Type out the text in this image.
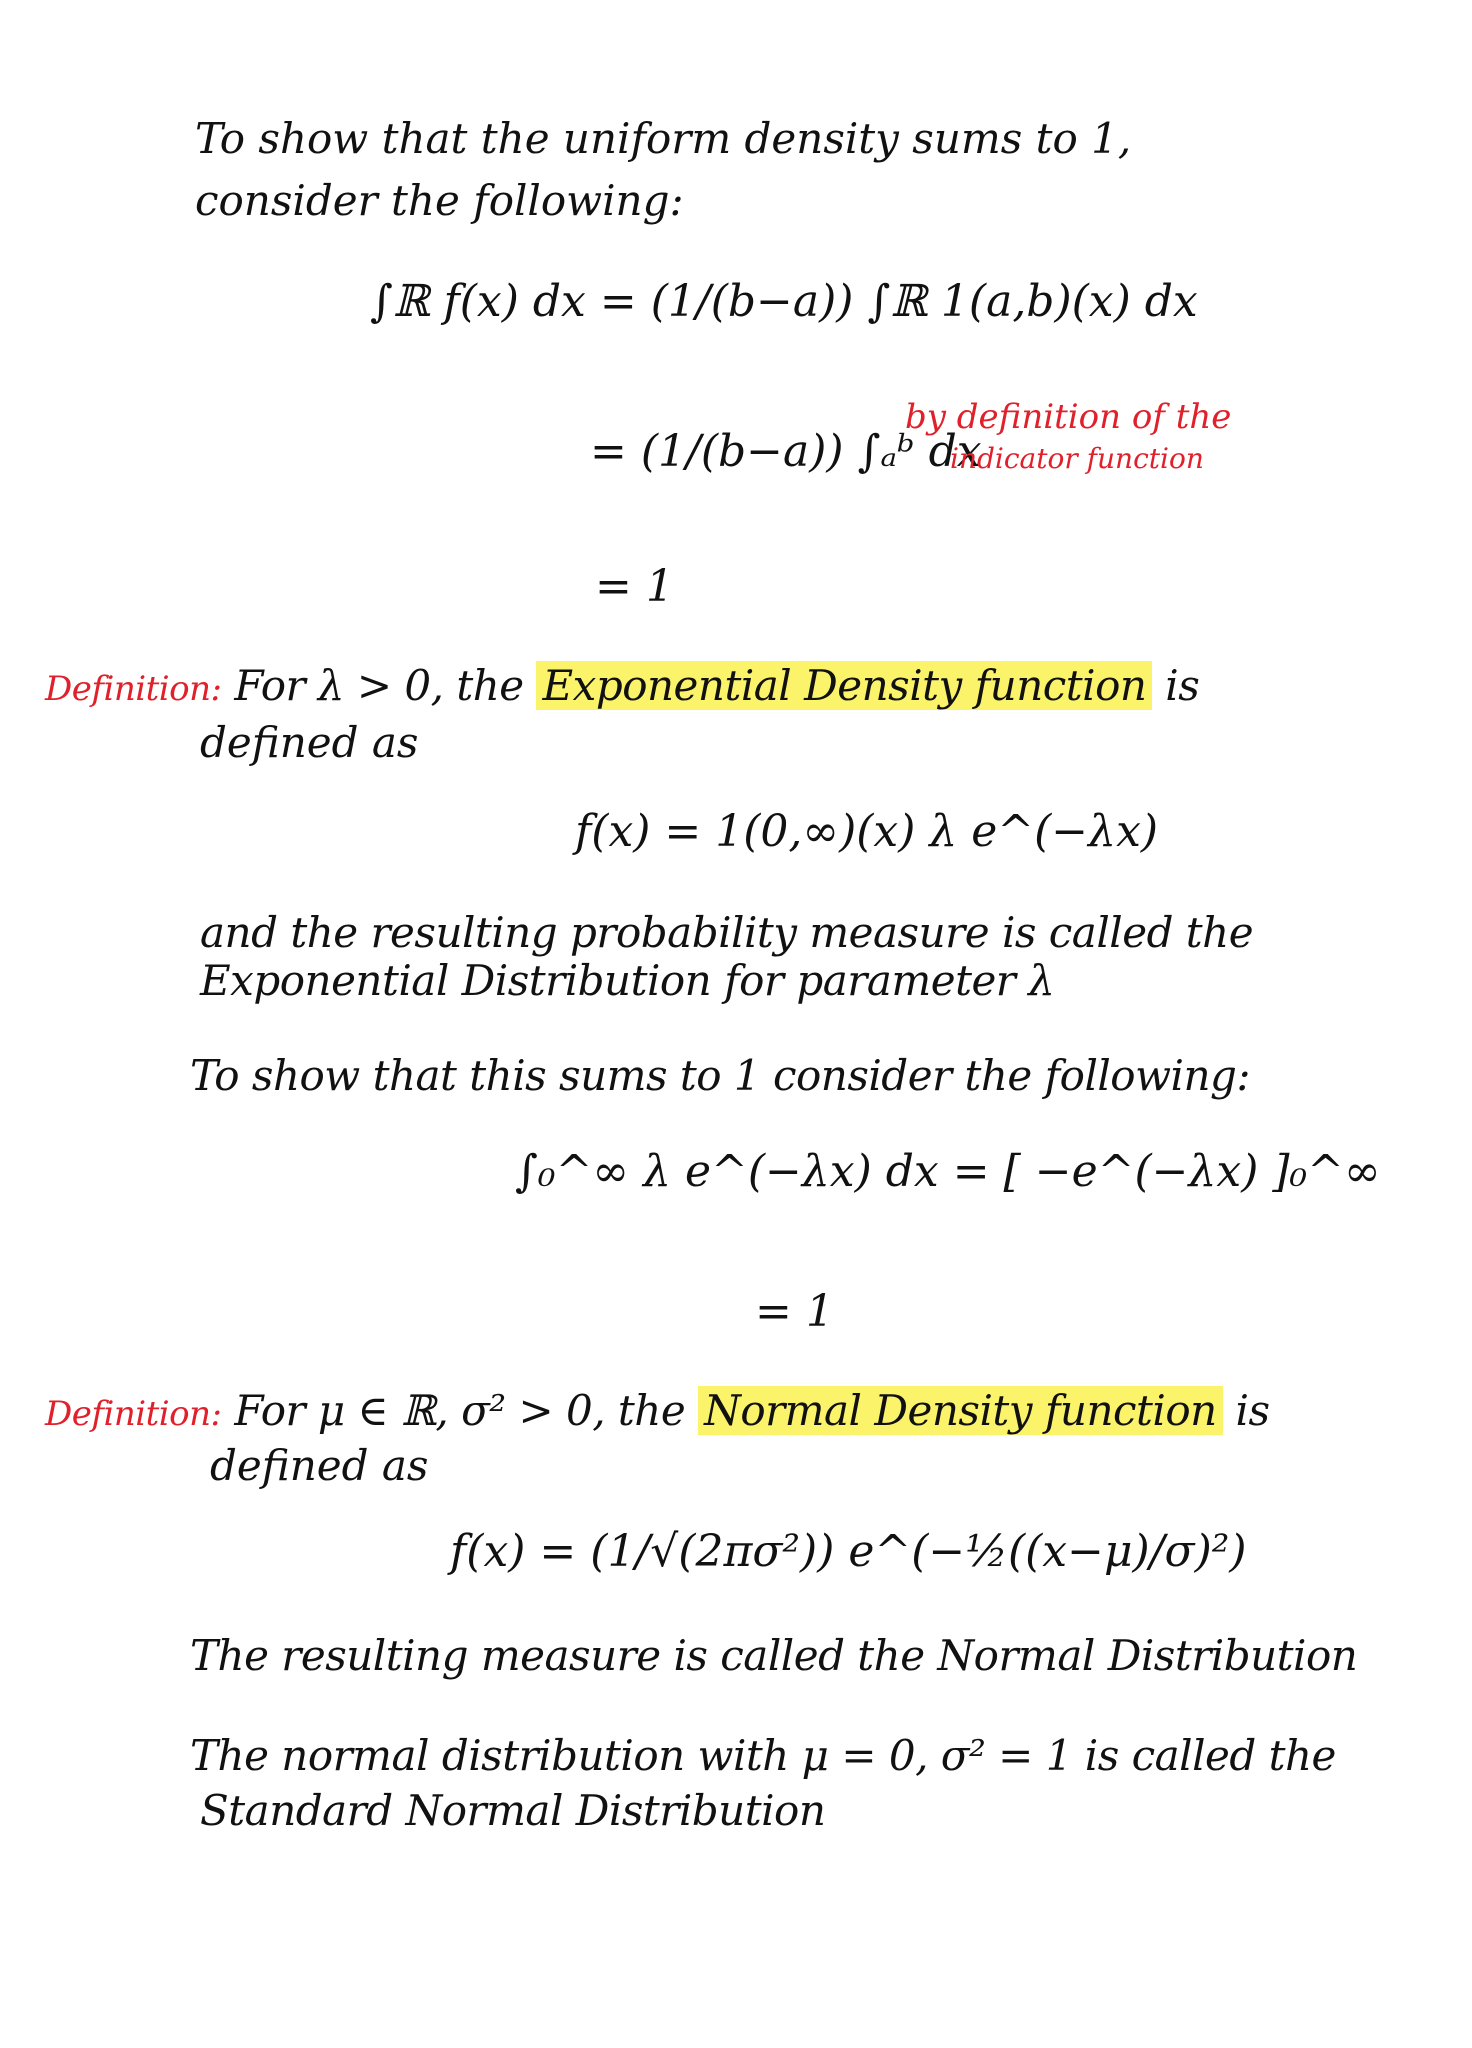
To show that the uniform density sums to 1,
consider the following:
∫ℝ f(x) dx = (1/(b−a)) ∫ℝ 1(a,b)(x) dx
= (1/(b−a)) ∫ₐᵇ dx
by definition of the
indicator function
= 1
Definition: For λ > 0, the Exponential Density function is
defined as
f(x) = 1(0,∞)(x) λ e^(−λx)
and the resulting probability measure is called the
Exponential Distribution for parameter λ
To show that this sums to 1 consider the following:
∫₀^∞ λ e^(−λx) dx = [ −e^(−λx) ]₀^∞
= 1
Definition: For μ ∈ ℝ, σ² > 0, the Normal Density function is
defined as
f(x) = (1/√(2πσ²)) e^(−½((x−μ)/σ)²)
The resulting measure is called the Normal Distribution
The normal distribution with μ = 0, σ² = 1 is called the
Standard Normal Distribution
